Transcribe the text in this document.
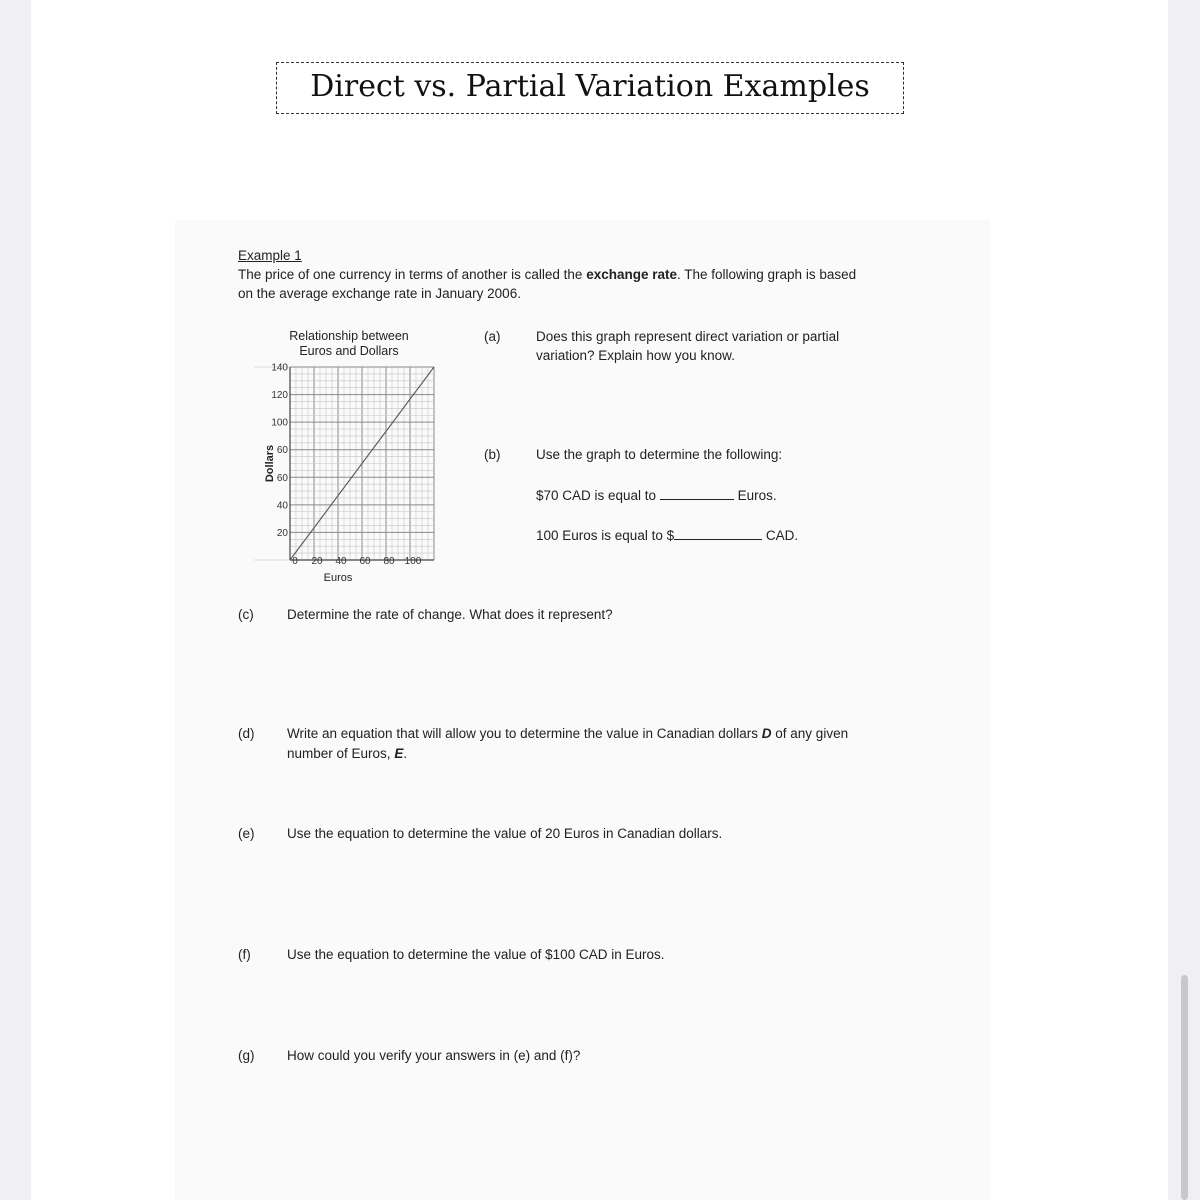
Direct vs. Partial Variation Examples
Example 1
The price of one currency in terms of another is called the exchange rate. The following graph is based
on the average exchange rate in January 2006.
Relationship between
Euros and Dollars
20
40
60
60
100
120
140
0 20 40 60 80 100
Euros
Dollars
(a)	Does this graph represent direct variation or partial
variation? Explain how you know.
(b)	Use the graph to determine the following:
$70 CAD is equal to	Euros.
100 Euros is equal to $	CAD.
(c) Determine the rate of change. What does it represent?
(d) Write an equation that will allow you to determine the value in Canadian dollars D of any given
number of Euros, E.
(e) Use the equation to determine the value of 20 Euros in Canadian dollars.
(f)	Use the equation to determine the value of $100 CAD in Euros.
(g) How could you verify your answers in (e) and (f)?
